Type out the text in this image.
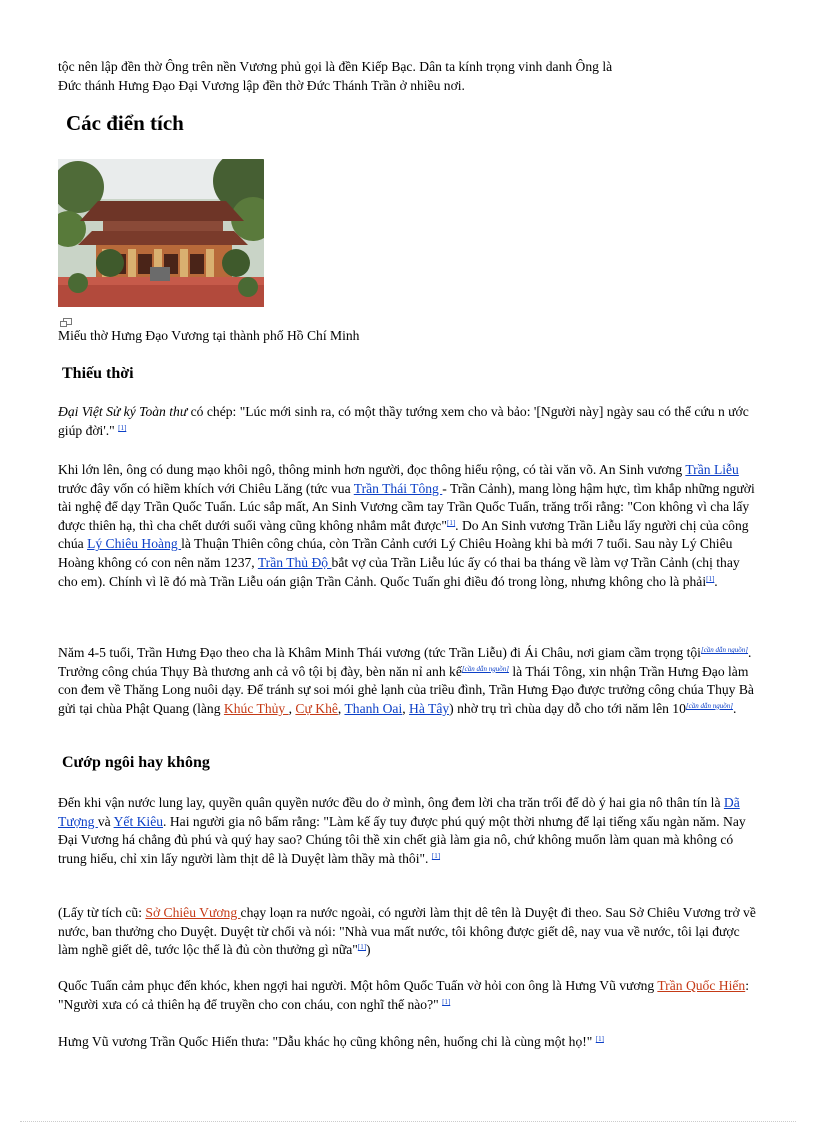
tộc nên lập đền thờ Ông trên nền Vương phủ gọi là đền Kiếp Bạc. Dân ta kính trọng vinh danh Ông là
Đức thánh Hưng Đạo Đại Vương lập đền thờ Đức Thánh Trần ở nhiều nơi.

Các điển tích

Miếu thờ Hưng Đạo Vương tại thành phố Hồ Chí Minh

Thiếu thời

Đại Việt Sử ký Toàn thư có chép: "Lúc mới sinh ra, có một thầy tướng xem cho và bảo: '[Người này] ngày sau có thể cứu n ước giúp đời'." [1]

Khi lớn lên, ông có dung mạo khôi ngô, thông minh hơn người, đọc thông hiểu rộng, có tài văn võ. An Sinh vương Trần Liễu trước đây vốn có hiềm khích với Chiêu Lăng (tức vua Trần Thái Tông - Trần Cảnh), mang lòng hậm hực, tìm khắp những người tài nghệ để dạy Trần Quốc Tuấn. Lúc sắp mất, An Sinh Vương cầm tay Trần Quốc Tuấn, trăng trối rằng: "Con không vì cha lấy được thiên hạ, thì cha chết dưới suối vàng cũng không nhắm mắt được"[1]. Do An Sinh vương Trần Liễu lấy người chị của công chúa Lý Chiêu Hoàng là Thuận Thiên công chúa, còn Trần Cảnh cưới Lý Chiêu Hoàng khi bà mới 7 tuổi. Sau này Lý Chiêu Hoàng không có con nên năm 1237, Trần Thủ Độ bắt vợ của Trần Liễu lúc ấy có thai ba tháng về làm vợ Trần Cảnh (chị thay cho em). Chính vì lẽ đó mà Trần Liễu oán giận Trần Cảnh. Quốc Tuấn ghi điều đó trong lòng, nhưng không cho là phải[1].

Năm 4-5 tuổi, Trần Hưng Đạo theo cha là Khâm Minh Thái vương (tức Trần Liễu) đi Ái Châu, nơi giam cầm trọng tội[cần dẫn nguồn]. Trưởng công chúa Thụy Bà thương anh cả vô tội bị đày, bèn năn nỉ anh kế[cần dẫn nguồn] là Thái Tông, xin nhận Trần Hưng Đạo làm con đem về Thăng Long nuôi dạy. Để tránh sự soi mói ghẻ lạnh của triều đình, Trần Hưng Đạo được trưởng công chúa Thụy Bà gửi tại chùa Phật Quang (làng Khúc Thủy , Cự Khê, Thanh Oai, Hà Tây) nhờ trụ trì chùa dạy dỗ cho tới năm lên 10[cần dẫn nguồn].

Cướp ngôi hay không

Đến khi vận nước lung lay, quyền quân quyền nước đều do ở mình, ông đem lời cha trăn trối để dò ý hai gia nô thân tín là Dã Tượng và Yết Kiêu. Hai người gia nô bẩm rằng: "Làm kế ấy tuy được phú quý một thời nhưng để lại tiếng xấu ngàn năm. Nay Đại Vương há chẳng đủ phú và quý hay sao? Chúng tôi thề xin chết già làm gia nô, chứ không muốn làm quan mà không có trung hiếu, chỉ xin lấy người làm thịt dê là Duyệt làm thầy mà thôi". [1]

(Lấy từ tích cũ: Sở Chiêu Vương chạy loạn ra nước ngoài, có người làm thịt dê tên là Duyệt đi theo. Sau Sở Chiêu Vương trở về nước, ban thưởng cho Duyệt. Duyệt từ chối và nói: "Nhà vua mất nước, tôi không được giết dê, nay vua về nước, tôi lại được làm nghề giết dê, tước lộc thế là đủ còn thưởng gì nữa"[1])

Quốc Tuấn cảm phục đến khóc, khen ngợi hai người. Một hôm Quốc Tuấn vờ hỏi con ông là Hưng Vũ vương Trần Quốc Hiến: "Người xưa có cả thiên hạ để truyền cho con cháu, con nghĩ thế nào?" [1]

Hưng Vũ vương Trần Quốc Hiến thưa: "Dẫu khác họ cũng không nên, huống chi là cùng một họ!" [1]
